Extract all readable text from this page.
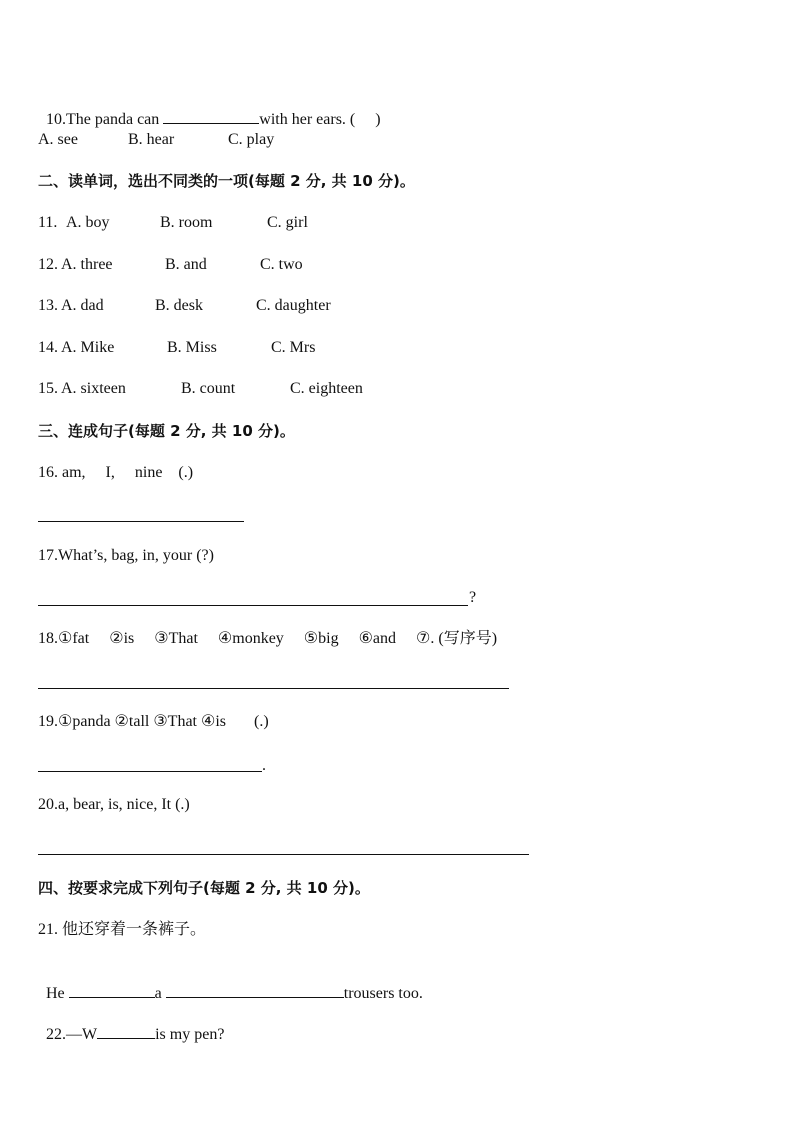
10.The panda can	with her ears. (     )

A. see	B. hear	C. play
二、读单词，选出不同类的一项(每题 2 分, 共 10 分)。
11. A. boy	B. room	C. girl
12. A. three	B. and	C. two
13. A. dad	B. desk	C. daughter
14. A. Mike	B. Miss	C. Mrs
15. A. sixteen	B. count	C. eighteen
三、连成句子(每题 2 分, 共 10 分)。
16. am,     I,     nine    (.)
17.What’s, bag, in, your (?)
?
18.①fat     ②is     ③That     ④monkey     ⑤big     ⑥and     ⑦. (写序号)
19.①panda ②tall ③That ④is       (.)
.
20.a, bear, is, nice, It (.)
四、按要求完成下列句子(每题 2 分, 共 10 分)。
21. 他还穿着一条裤子。

He	a	trousers too.

22.—W	is my pen?
